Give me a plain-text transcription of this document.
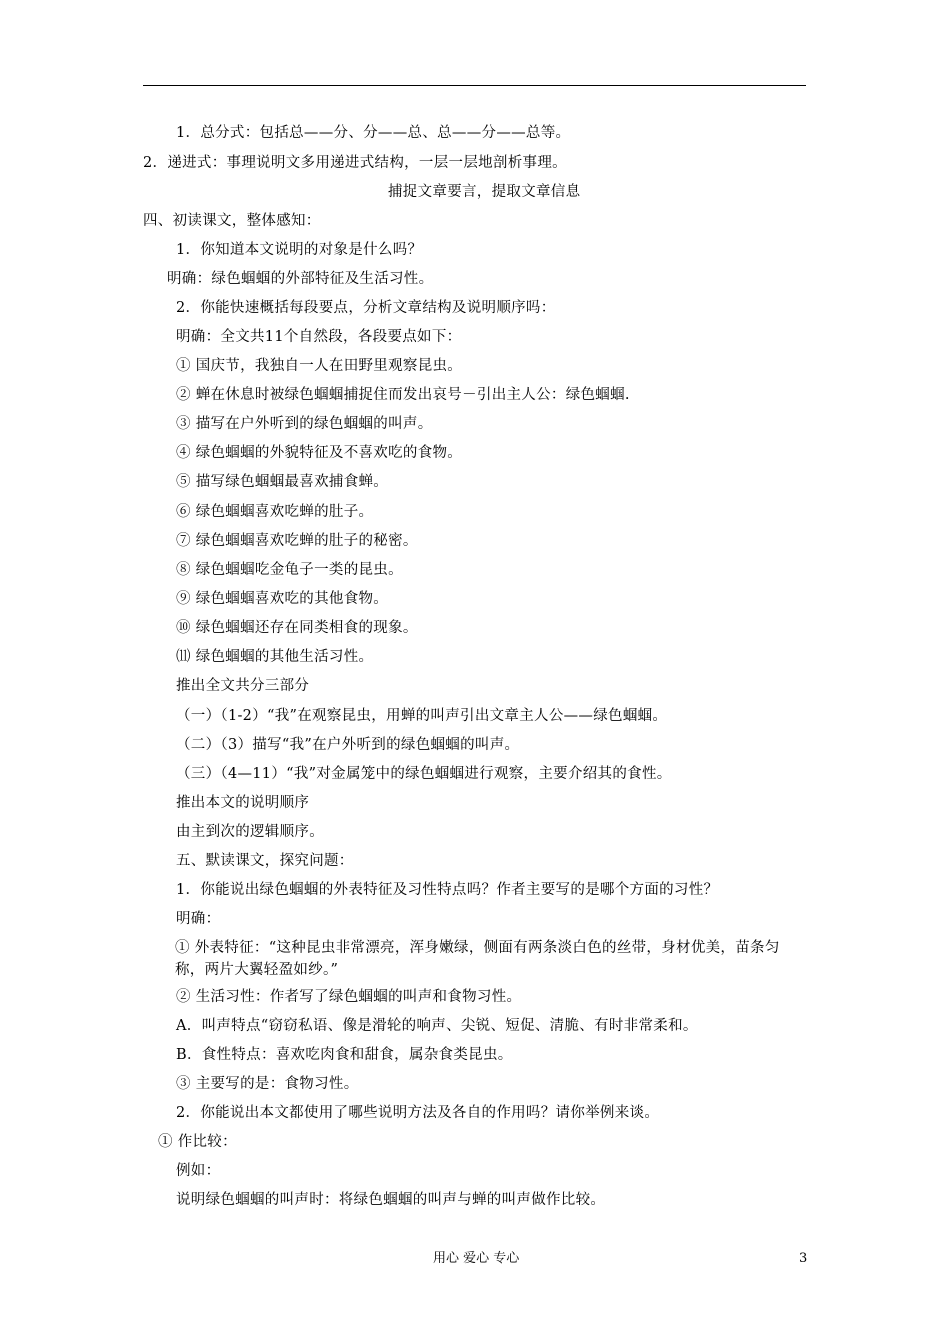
1．总分式：包括总——分、分——总、总——分——总等。
2．递进式：事理说明文多用递进式结构，一层一层地剖析事理。
捕捉文章要言，提取文章信息
四、初读课文，整体感知：
1．你知道本文说明的对象是什么吗？
明确：绿色蝈蝈的外部特征及生活习性。
2．你能快速概括每段要点，分析文章结构及说明顺序吗：
明确：全文共11个自然段，各段要点如下：
① 国庆节，我独自一人在田野里观察昆虫。
② 蝉在休息时被绿色蝈蝈捕捉住而发出哀号－引出主人公：绿色蝈蝈.
③ 描写在户外听到的绿色蝈蝈的叫声。
④ 绿色蝈蝈的外貌特征及不喜欢吃的食物。
⑤ 描写绿色蝈蝈最喜欢捕食蝉。
⑥ 绿色蝈蝈喜欢吃蝉的肚子。
⑦ 绿色蝈蝈喜欢吃蝉的肚子的秘密。
⑧ 绿色蝈蝈吃金龟子一类的昆虫。
⑨ 绿色蝈蝈喜欢吃的其他食物。
⑩ 绿色蝈蝈还存在同类相食的现象。
⑾ 绿色蝈蝈的其他生活习性。
推出全文共分三部分
（一）（1-2）“我”在观察昆虫，用蝉的叫声引出文章主人公——绿色蝈蝈。
（二）（3）描写“我”在户外听到的绿色蝈蝈的叫声。
（三）（4—11）“我”对金属笼中的绿色蝈蝈进行观察，主要介绍其的食性。
推出本文的说明顺序
由主到次的逻辑顺序。
五、默读课文，探究问题：
1．你能说出绿色蝈蝈的外表特征及习性特点吗？作者主要写的是哪个方面的习性？
明确：
① 外表特征：“这种昆虫非常漂亮，浑身嫩绿，侧面有两条淡白色的丝带，身材优美，苗条匀称，两片大翼轻盈如纱。”
② 生活习性：作者写了绿色蝈蝈的叫声和食物习性。
A．叫声特点“窃窃私语、像是滑轮的响声、尖锐、短促、清脆、有时非常柔和。
B．食性特点：喜欢吃肉食和甜食，属杂食类昆虫。
③ 主要写的是：食物习性。
2．你能说出本文都使用了哪些说明方法及各自的作用吗？请你举例来谈。
① 作比较：
例如：
说明绿色蝈蝈的叫声时：将绿色蝈蝈的叫声与蝉的叫声做作比较。
用心 爱心 专心	3
